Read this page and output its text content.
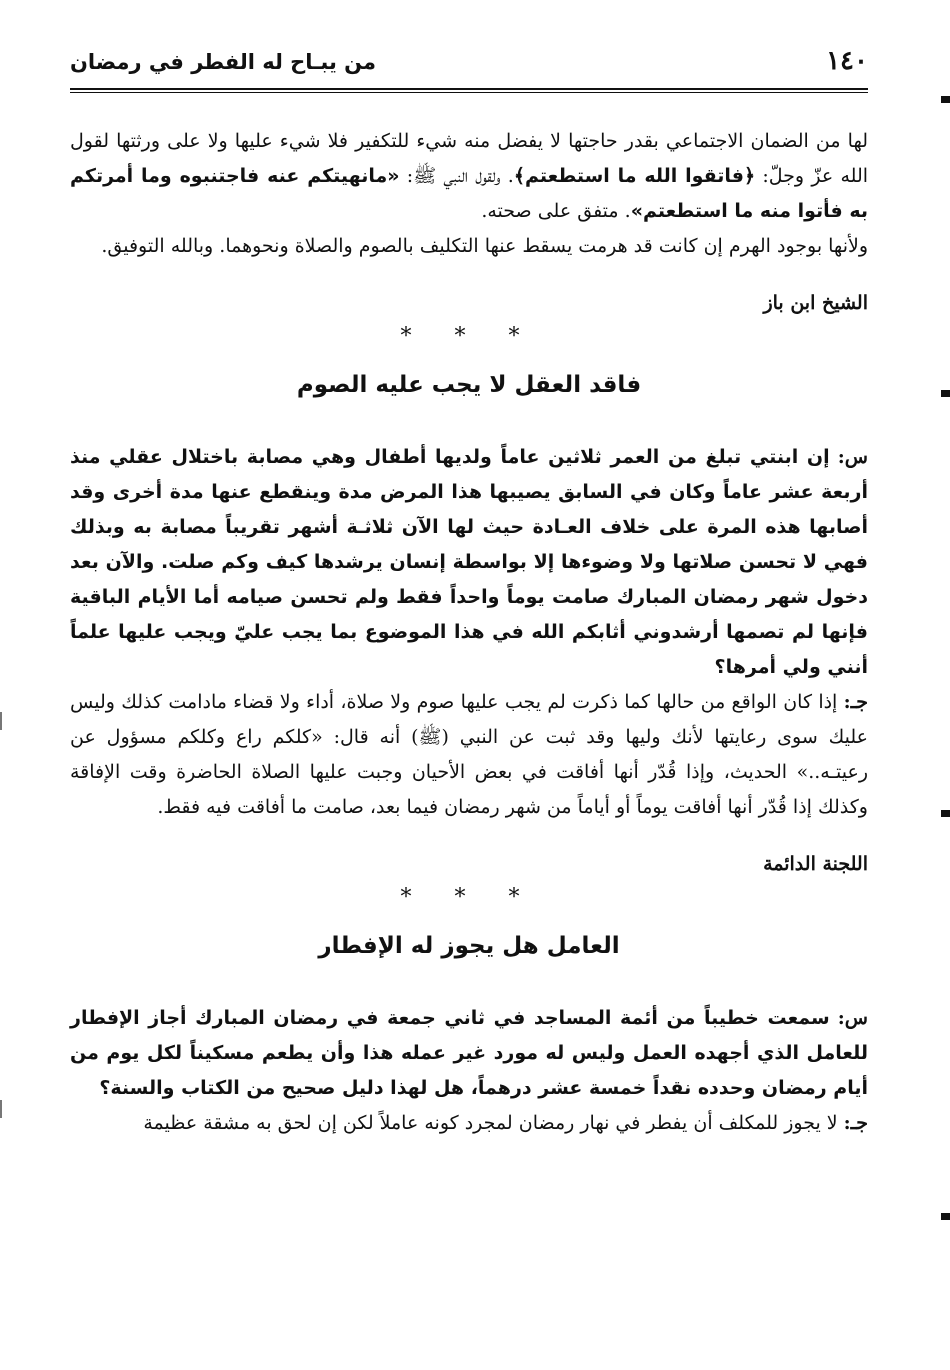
١٤٠
من يبـاح له الفطر في رمضان

لها من الضمان الاجتماعي بقدر حاجتها لا يفضل منه شيء للتكفير فلا شيء عليها ولا على ورثتها لقول الله عزّ وجلّ: ﴿فاتقوا الله ما استطعتم﴾. ولقول النبي ﷺ: «مانهيتكم عنه فاجتنبوه وما أمرتكم به فأتوا منه ما استطعتم». متفق على صحته.

ولأنها بوجود الهرم إن كانت قد هرمت يسقط عنها التكليف بالصوم والصلاة ونحوهما. وبالله التوفيق.

الشيخ ابن باز

* * *

فاقد العقل لا يجب عليه الصوم

س: إن ابنتي تبلغ من العمر ثلاثين عاماً ولديها أطفال وهي مصابة باختلال عقلي منذ أربعة عشر عاماً وكان في السابق يصيبها هذا المرض مدة وينقطع عنها مدة أخرى وقد أصابها هذه المرة على خلاف العـادة حيث لها الآن ثلاثـة أشهر تقريباً مصابة به وبذلك فهي لا تحسن صلاتها ولا وضوءها إلا بواسطة إنسان يرشدها كيف وكم صلت. والآن بعد دخول شهر رمضان المبارك صامت يوماً واحداً فقط ولم تحسن صيامه أما الأيام الباقية فإنها لم تصمها أرشدوني أثابكم الله في هذا الموضوع بما يجب عليّ ويجب عليها علماً أنني ولي أمرها؟

جـ: إذا كان الواقع من حالها كما ذكرت لم يجب عليها صوم ولا صلاة، أداء ولا قضاء مادامت كذلك وليس عليك سوى رعايتها لأنك وليها وقد ثبت عن النبي (ﷺ) أنه قال: «كلكم راع وكلكم مسؤول عن رعيتـه..» الحديث، وإذا قُدّر أنها أفاقت في بعض الأحيان وجبت عليها الصلاة الحاضرة وقت الإفاقة وكذلك إذا قُدّر أنها أفاقت يوماً أو أياماً من شهر رمضان فيما بعد، صامت ما أفاقت فيه فقط.

اللجنة الدائمة

* * *

العامل هل يجوز له الإفطار

س: سمعت خطيباً من أئمة المساجد في ثاني جمعة في رمضان المبارك أجاز الإفطار للعامل الذي أجهده العمل وليس له مورد غير عمله هذا وأن يطعم مسكيناً لكل يوم من أيام رمضان وحدده نقداً خمسة عشر درهماً، هل لهذا دليل صحيح من الكتاب والسنة؟

جـ: لا يجوز للمكلف أن يفطر في نهار رمضان لمجرد كونه عاملاً لكن إن لحق به مشقة عظيمة
